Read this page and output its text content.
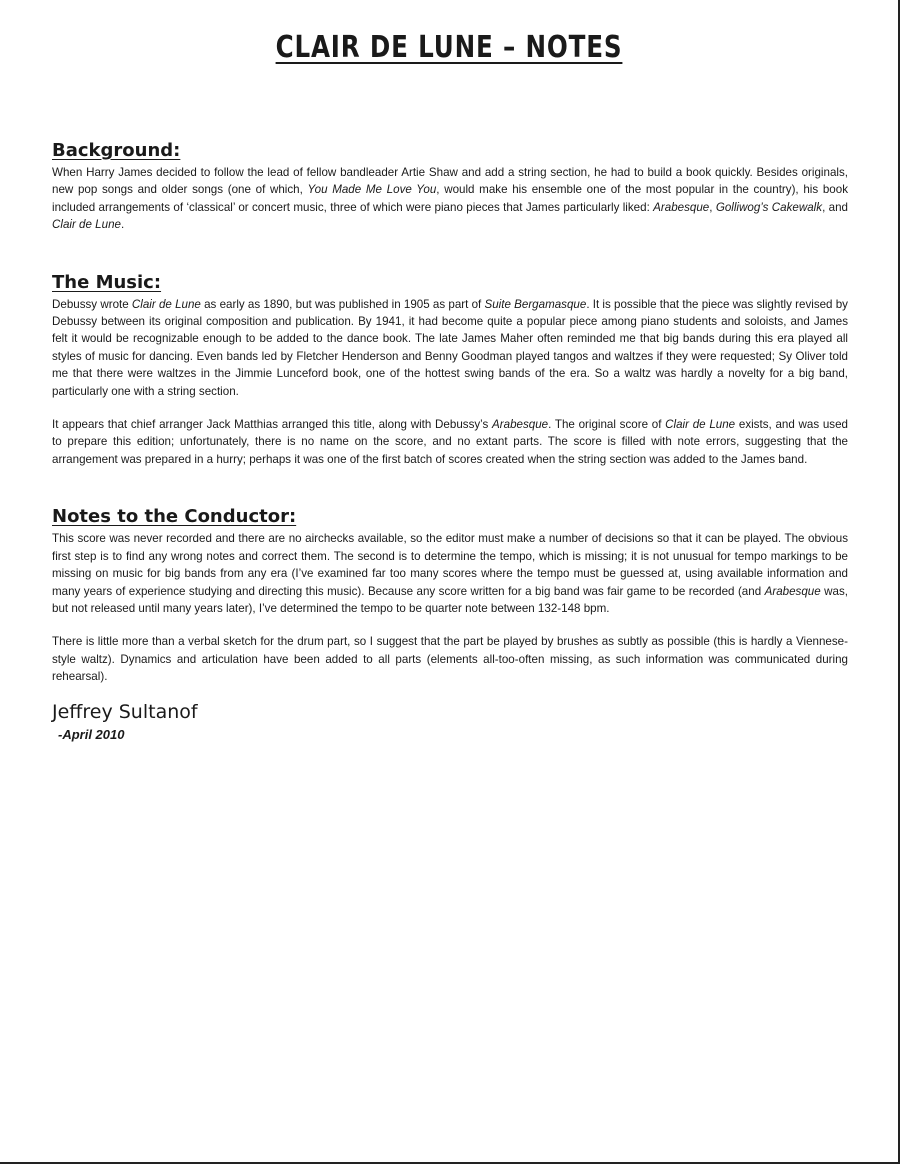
CLAIR DE LUNE – NOTES
Background:

When Harry James decided to follow the lead of fellow bandleader Artie Shaw and add a string section, he had to build a book quickly. Besides originals, new pop songs and older songs (one of which, You Made Me Love You, would make his ensemble one of the most popular in the country), his book included arrangements of ‘classical’ or concert music, three of which were piano pieces that James particularly liked: Arabesque, Golliwog’s Cakewalk, and Clair de Lune.

The Music:

Debussy wrote Clair de Lune as early as 1890, but was published in 1905 as part of Suite Bergamasque. It is possible that the piece was slightly revised by Debussy between its original composition and publication. By 1941, it had become quite a popular piece among piano students and soloists, and James felt it would be recognizable enough to be added to the dance book. The late James Maher often reminded me that big bands during this era played all styles of music for dancing. Even bands led by Fletcher Henderson and Benny Goodman played tangos and waltzes if they were requested; Sy Oliver told me that there were waltzes in the Jimmie Lunceford book, one of the hottest swing bands of the era. So a waltz was hardly a novelty for a big band, particularly one with a string section.

It appears that chief arranger Jack Matthias arranged this title, along with Debussy’s Arabesque. The original score of Clair de Lune exists, and was used to prepare this edition; unfortunately, there is no name on the score, and no extant parts. The score is filled with note errors, suggesting that the arrangement was prepared in a hurry; perhaps it was one of the first batch of scores created when the string section was added to the James band.

Notes to the Conductor:

This score was never recorded and there are no airchecks available, so the editor must make a number of decisions so that it can be played. The obvious first step is to find any wrong notes and correct them. The second is to determine the tempo, which is missing; it is not unusual for tempo markings to be missing on music for big bands from any era (I’ve examined far too many scores where the tempo must be guessed at, using available information and many years of experience studying and directing this music). Because any score written for a big band was fair game to be recorded (and Arabesque was, but not released until many years later), I’ve determined the tempo to be quarter note between 132-148 bpm.

There is little more than a verbal sketch for the drum part, so I suggest that the part be played by brushes as subtly as possible (this is hardly a Viennese-style waltz). Dynamics and articulation have been added to all parts (elements all-too-often missing, as such information was communicated during rehearsal).

Jeffrey Sultanof
-April 2010
